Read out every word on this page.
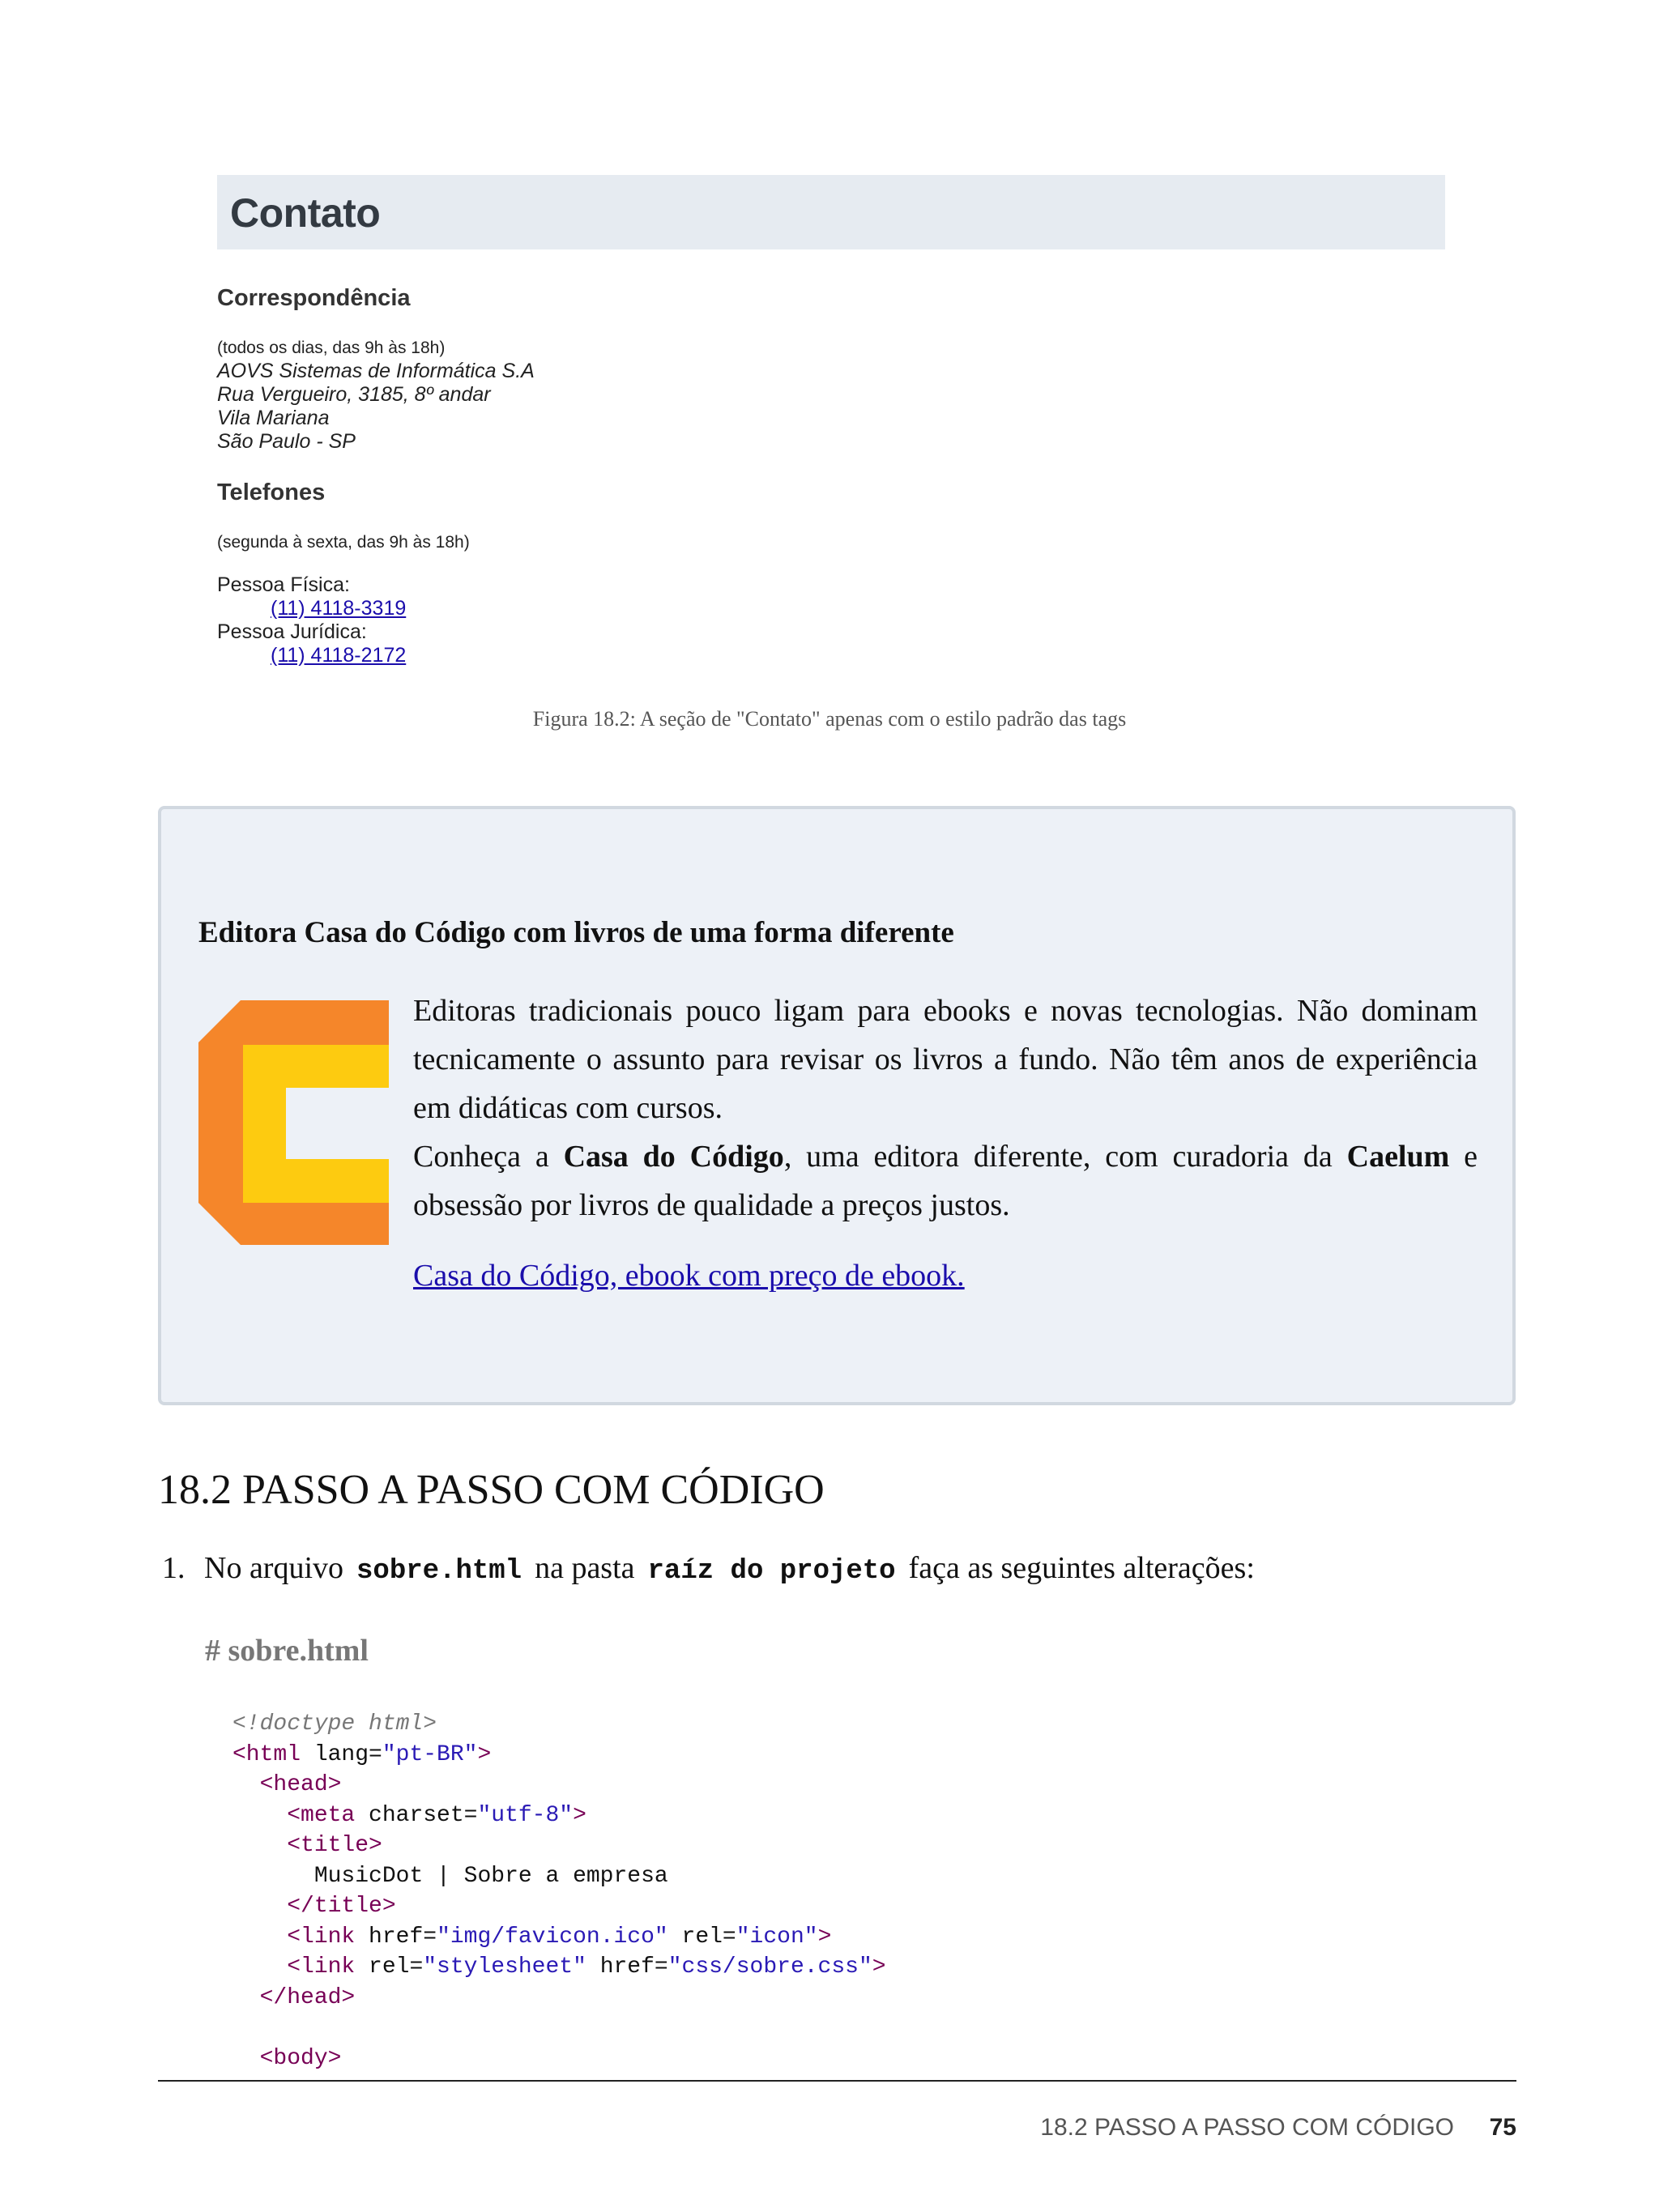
Contato
Correspondência
(todos os dias, das 9h às 18h)
AOVS Sistemas de Informática S.A
Rua Vergueiro, 3185, 8º andar
Vila Mariana
São Paulo - SP
Telefones
(segunda à sexta, das 9h às 18h)
Pessoa Física:
(11) 4118-3319
Pessoa Jurídica:
(11) 4118-2172
Figura 18.2: A seção de "Contato" apenas com o estilo padrão das tags
Editora Casa do Código com livros de uma forma diferente

Editoras tradicionais pouco ligam para ebooks e novas tecnologias. Não dominam tecnicamente o assunto para revisar os livros a fundo. Não têm anos de experiência em didáticas com cursos.

Conheça a Casa do Código, uma editora diferente, com curadoria da Caelum e obsessão por livros de qualidade a preços justos.

Casa do Código, ebook com preço de ebook.
18.2 PASSO A PASSO COM CÓDIGO
1. No arquivo sobre.html na pasta raíz do projeto faça as seguintes alterações:
# sobre.html
<!doctype html>
<html lang="pt-BR">
<head>
<meta charset="utf-8">
<title>
MusicDot | Sobre a empresa
</title>
<link href="img/favicon.ico" rel="icon">
<link rel="stylesheet" href="css/sobre.css">
</head>

<body>
18.2 PASSO A PASSO COM CÓDIGO	75
